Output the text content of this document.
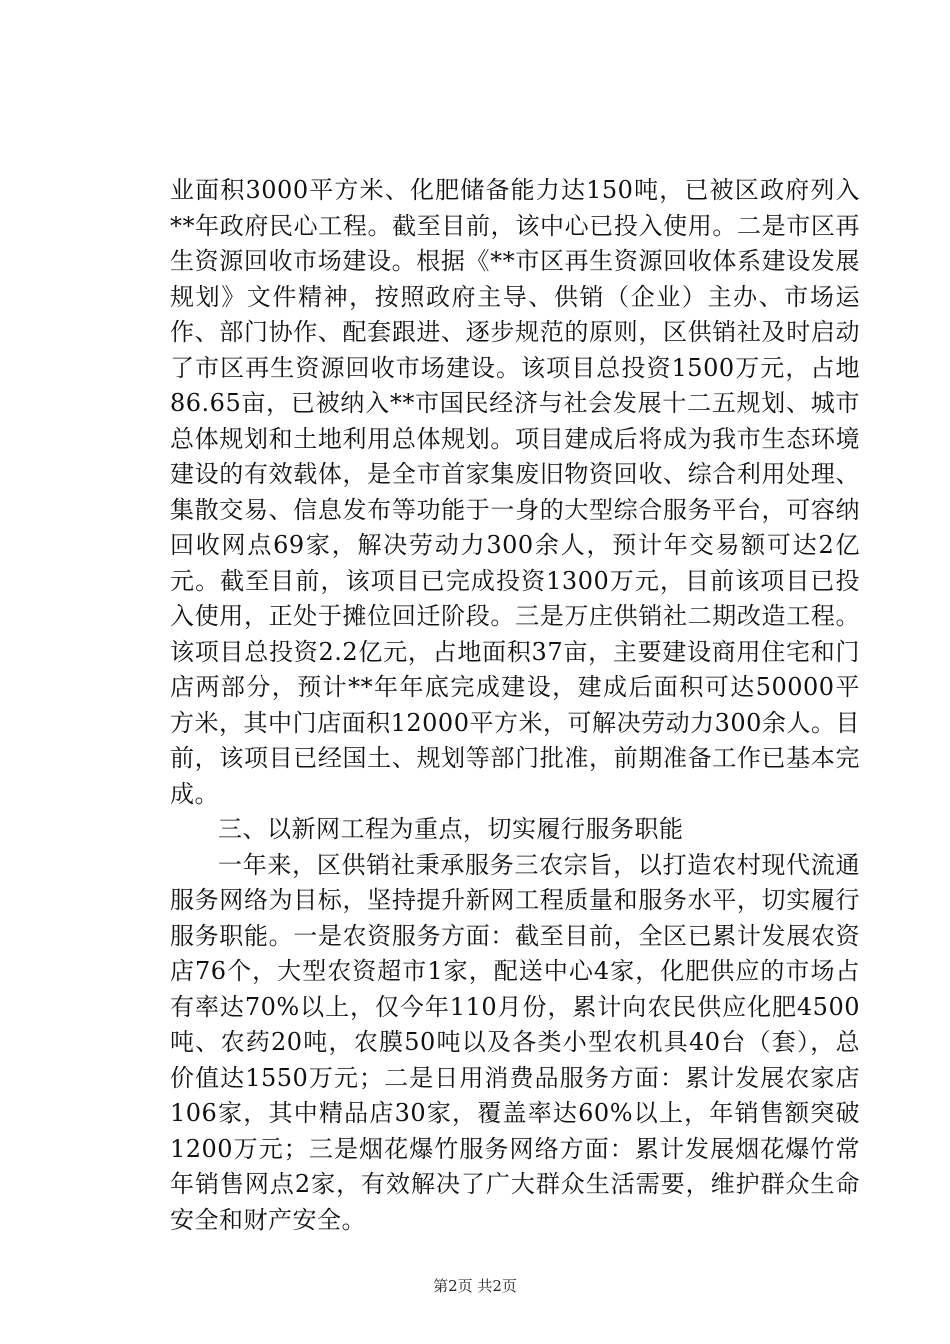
业面积3000平方米、化肥储备能力达150吨，已被区政府列入**年政府民心工程。截至目前，该中心已投入使用。二是市区再生资源回收市场建设。根据《**市区再生资源回收体系建设发展规划》文件精神，按照政府主导、供销（企业）主办、市场运作、部门协作、配套跟进、逐步规范的原则，区供销社及时启动了市区再生资源回收市场建设。该项目总投资1500万元，占地86.65亩，已被纳入**市国民经济与社会发展十二五规划、城市总体规划和土地利用总体规划。项目建成后将成为我市生态环境建设的有效载体，是全市首家集废旧物资回收、综合利用处理、集散交易、信息发布等功能于一身的大型综合服务平台，可容纳回收网点69家，解决劳动力300余人，预计年交易额可达2亿元。截至目前，该项目已完成投资1300万元，目前该项目已投入使用，正处于摊位回迁阶段。三是万庄供销社二期改造工程。该项目总投资2.2亿元，占地面积37亩，主要建设商用住宅和门店两部分，预计**年年底完成建设，建成后面积可达50000平方米，其中门店面积12000平方米，可解决劳动力300余人。目前，该项目已经国土、规划等部门批准，前期准备工作已基本完成。

三、以新网工程为重点，切实履行服务职能

一年来，区供销社秉承服务三农宗旨，以打造农村现代流通服务网络为目标，坚持提升新网工程质量和服务水平，切实履行服务职能。一是农资服务方面：截至目前，全区已累计发展农资店76个，大型农资超市1家，配送中心4家，化肥供应的市场占有率达70%以上，仅今年110月份，累计向农民供应化肥4500吨、农药20吨，农膜50吨以及各类小型农机具40台（套），总价值达1550万元；二是日用消费品服务方面：累计发展农家店106家，其中精品店30家，覆盖率达60%以上，年销售额突破1200万元；三是烟花爆竹服务网络方面：累计发展烟花爆竹常年销售网点2家，有效解决了广大群众生活需要，维护群众生命安全和财产安全。

第2页 共2页
